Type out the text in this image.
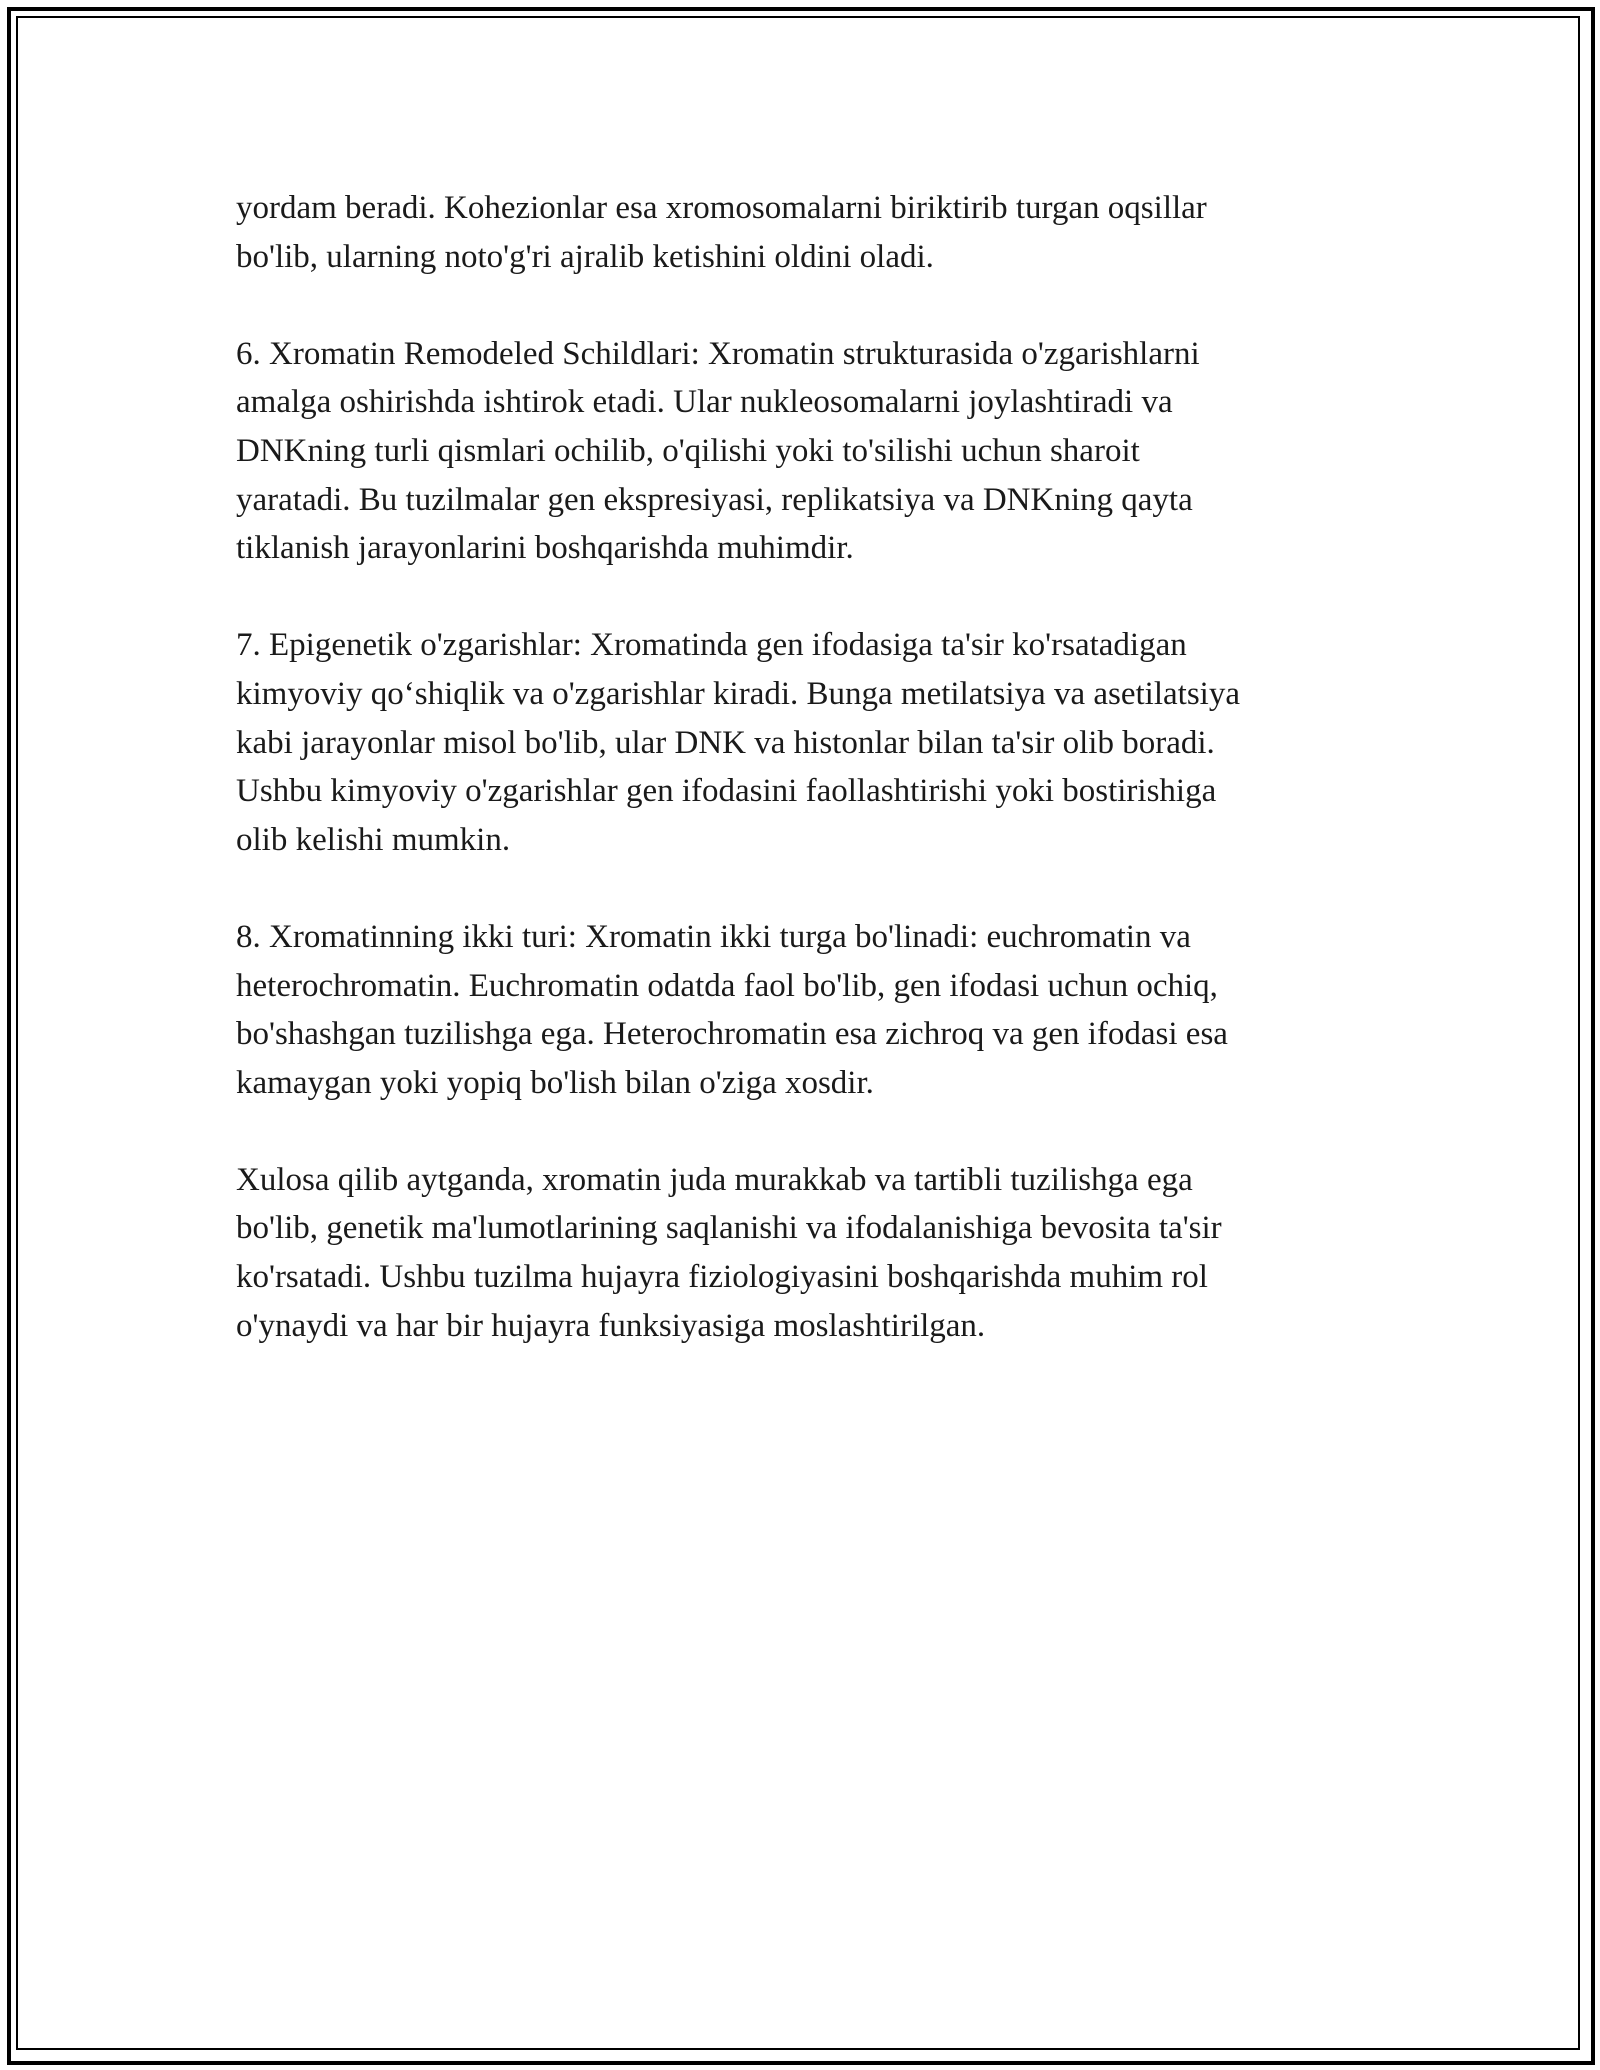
yordam beradi. Kohezionlar esa xromosomalarni biriktirib turgan oqsillar
bo'lib, ularning noto'g'ri ajralib ketishini oldini oladi.

6. Xromatin Remodeled Schildlari: Xromatin strukturasida o'zgarishlarni
amalga oshirishda ishtirok etadi. Ular nukleosomalarni joylashtiradi va
DNKning turli qismlari ochilib, o'qilishi yoki to'silishi uchun sharoit
yaratadi. Bu tuzilmalar gen ekspresiyasi, replikatsiya va DNKning qayta
tiklanish jarayonlarini boshqarishda muhimdir.

7. Epigenetik o'zgarishlar: Xromatinda gen ifodasiga ta'sir ko'rsatadigan
kimyoviy qo‘shiqlik va o'zgarishlar kiradi. Bunga metilatsiya va asetilatsiya
kabi jarayonlar misol bo'lib, ular DNK va histonlar bilan ta'sir olib boradi.
Ushbu kimyoviy o'zgarishlar gen ifodasini faollashtirishi yoki bostirishiga
olib kelishi mumkin.

8. Xromatinning ikki turi: Xromatin ikki turga bo'linadi: euchromatin va
heterochromatin. Euchromatin odatda faol bo'lib, gen ifodasi uchun ochiq,
bo'shashgan tuzilishga ega. Heterochromatin esa zichroq va gen ifodasi esa
kamaygan yoki yopiq bo'lish bilan o'ziga xosdir.

Xulosa qilib aytganda, xromatin juda murakkab va tartibli tuzilishga ega
bo'lib, genetik ma'lumotlarining saqlanishi va ifodalanishiga bevosita ta'sir
ko'rsatadi. Ushbu tuzilma hujayra fiziologiyasini boshqarishda muhim rol
o'ynaydi va har bir hujayra funksiyasiga moslashtirilgan.
